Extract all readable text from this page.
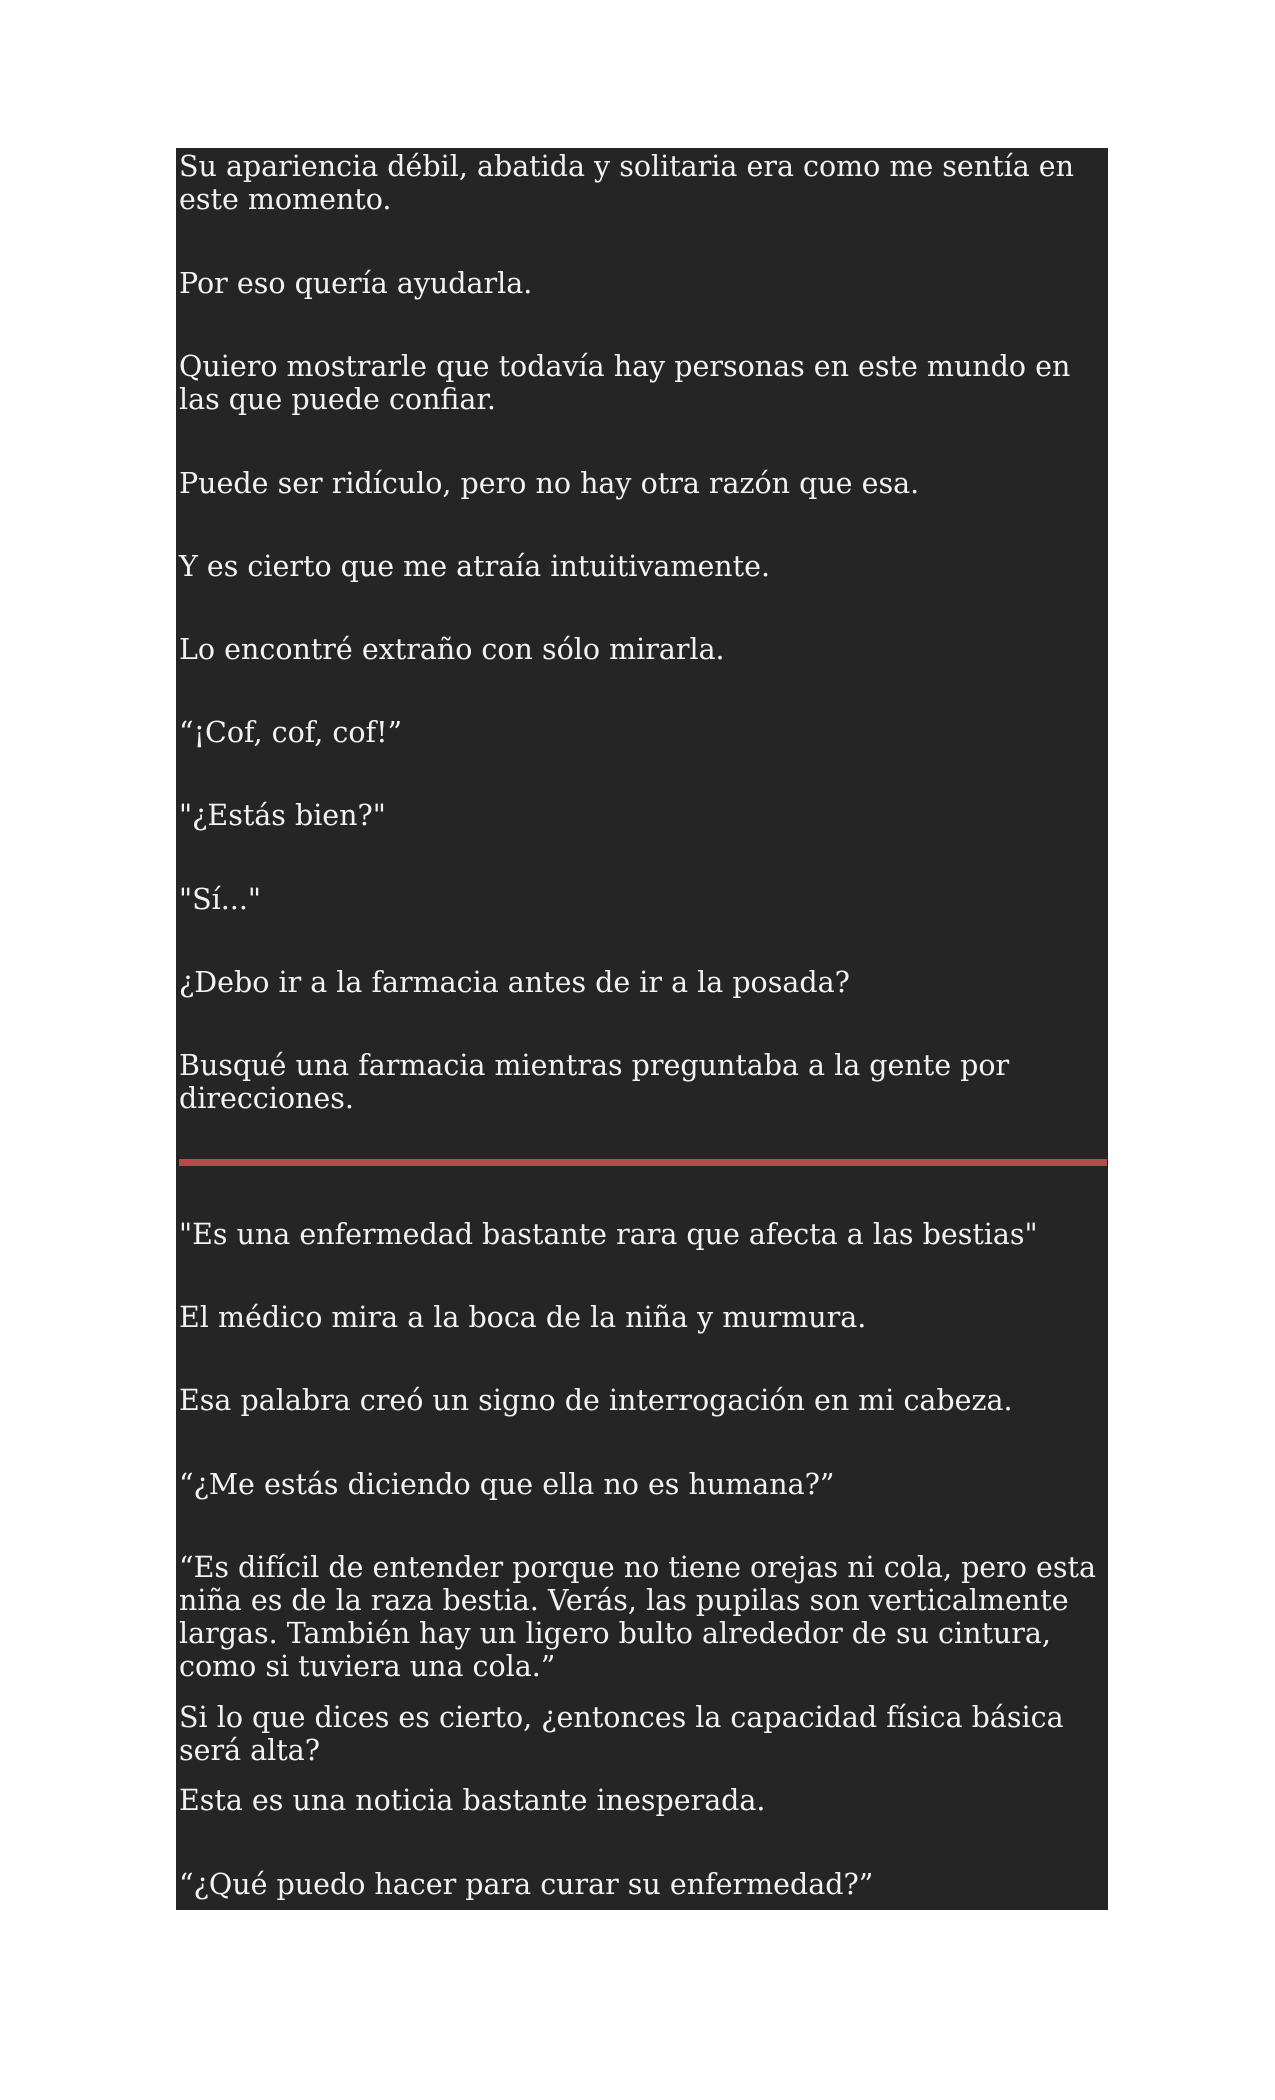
Su apariencia débil, abatida y solitaria era como me sentía en este momento.

Por eso quería ayudarla.

Quiero mostrarle que todavía hay personas en este mundo en las que puede confiar.

Puede ser ridículo, pero no hay otra razón que esa.

Y es cierto que me atraía intuitivamente.

Lo encontré extraño con sólo mirarla.

“¡Cof, cof, cof!”

"¿Estás bien?"

"Sí..."

¿Debo ir a la farmacia antes de ir a la posada?

Busqué una farmacia mientras preguntaba a la gente por direcciones.

"Es una enfermedad bastante rara que afecta a las bestias"

El médico mira a la boca de la niña y murmura.

Esa palabra creó un signo de interrogación en mi cabeza.

“¿Me estás diciendo que ella no es humana?”

“Es difícil de entender porque no tiene orejas ni cola, pero esta niña es de la raza bestia. Verás, las pupilas son verticalmente largas. También hay un ligero bulto alrededor de su cintura, como si tuviera una cola.”

Si lo que dices es cierto, ¿entonces la capacidad física básica será alta?

Esta es una noticia bastante inesperada.

“¿Qué puedo hacer para curar su enfermedad?”
